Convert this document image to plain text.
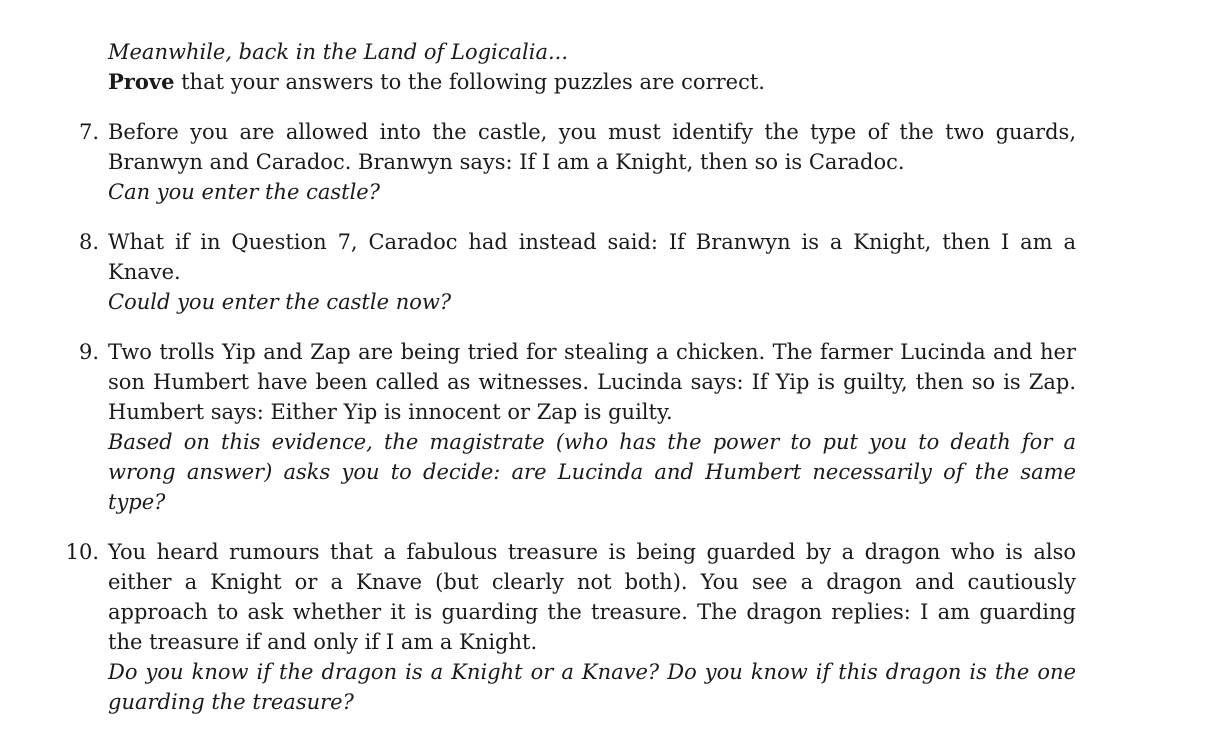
Meanwhile, back in the Land of Logicalia...
Prove that your answers to the following puzzles are correct.
7. Before you are allowed into the castle, you must identify the type of the two guards, Branwyn and Caradoc. Branwyn says: If I am a Knight, then so is Caradoc.
Can you enter the castle?
8. What if in Question 7, Caradoc had instead said: If Branwyn is a Knight, then I am a Knave.
Could you enter the castle now?
9. Two trolls Yip and Zap are being tried for stealing a chicken. The farmer Lucinda and her son Humbert have been called as witnesses. Lucinda says: If Yip is guilty, then so is Zap. Humbert says: Either Yip is innocent or Zap is guilty.
Based on this evidence, the magistrate (who has the power to put you to death for a wrong answer) asks you to decide: are Lucinda and Humbert necessarily of the same type?
10. You heard rumours that a fabulous treasure is being guarded by a dragon who is also either a Knight or a Knave (but clearly not both). You see a dragon and cautiously approach to ask whether it is guarding the treasure. The dragon replies: I am guarding the treasure if and only if I am a Knight.
Do you know if the dragon is a Knight or a Knave? Do you know if this dragon is the one guarding the treasure?
